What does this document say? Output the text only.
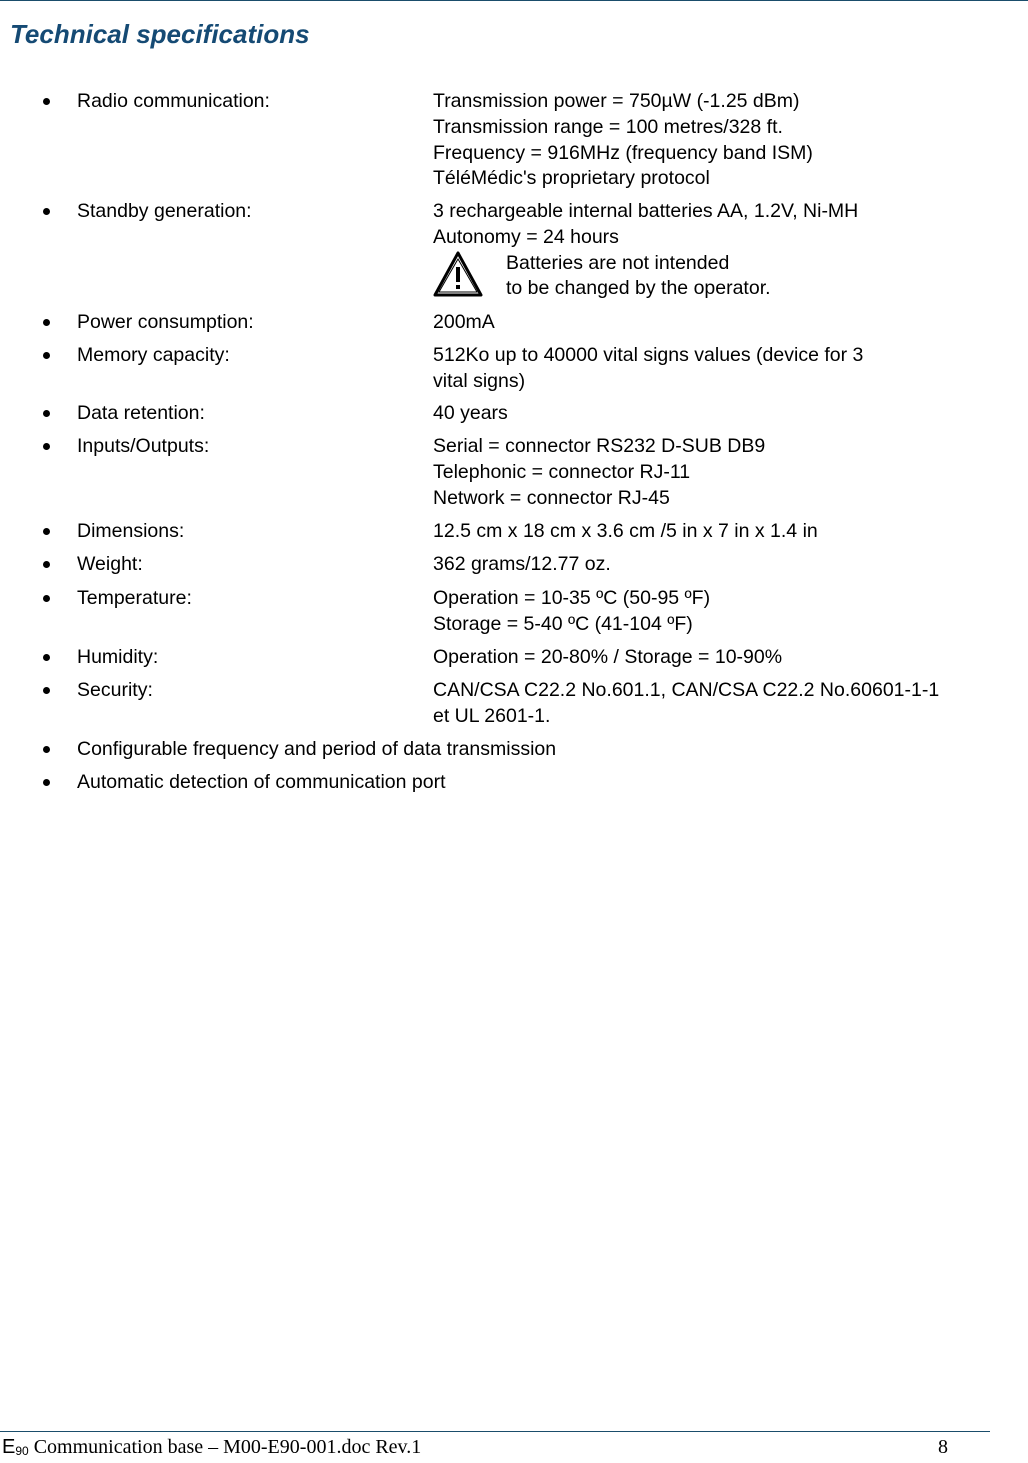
Technical specifications
Radio communication:	Transmission power = 750µW (-1.25 dBm)
Transmission range = 100 metres/328 ft.
Frequency = 916MHz (frequency band ISM)
TéléMédic's proprietary protocol
Standby generation:	3 rechargeable internal batteries AA, 1.2V, Ni-MH
Autonomy = 24 hours
Batteries are not intended
to be changed by the operator.
Power consumption:	200mA
Memory capacity:	512Ko up to 40000 vital signs values (device for 3
vital signs)
Data retention:	40 years
Inputs/Outputs:	Serial = connector RS232 D-SUB DB9
Telephonic = connector RJ-11
Network = connector RJ-45
Dimensions:	12.5 cm x 18 cm x 3.6 cm /5 in x 7 in x 1.4 in
Weight:	362 grams/12.77 oz.
Temperature:	Operation = 10-35 ºC (50-95 ºF)
Storage = 5-40 ºC (41-104 ºF)
Humidity:	Operation = 20-80% / Storage = 10-90%
Security:	CAN/CSA C22.2 No.601.1, CAN/CSA C22.2 No.60601-1-1
et UL 2601-1.
Configurable frequency and period of data transmission
Automatic detection of communication port
$E_{90}$ Communication base – M00-E90-001.doc Rev.1	8
